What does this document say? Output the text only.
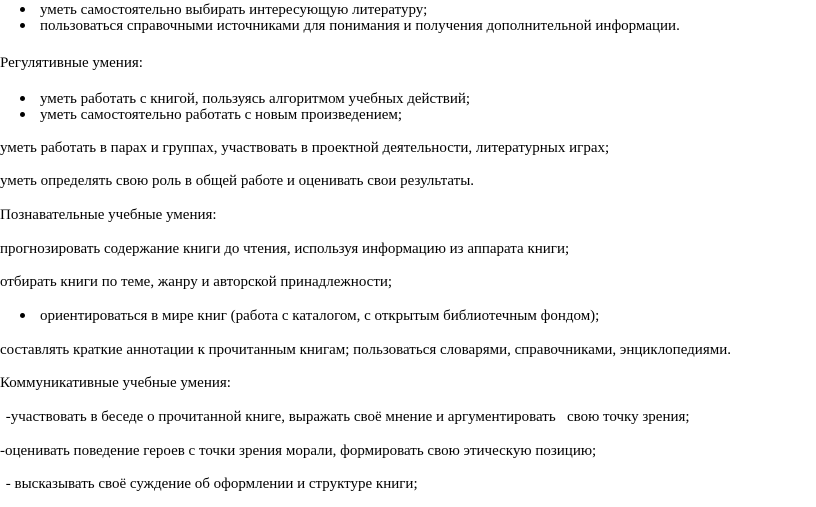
уметь самостоятельно выбирать интересующую литературу;
пользоваться справочными источниками для понимания и получения дополнительной информации.
Регулятивные умения:
уметь работать с книгой, пользуясь алгоритмом учебных действий;
уметь самостоятельно работать с новым произведением;
уметь работать в парах и группах, участвовать в проектной деятельности, литературных играх;
уметь определять свою роль в общей работе и оценивать свои результаты.
Познавательные учебные умения:
прогнозировать содержание книги до чтения, используя информацию из аппарата книги;
отбирать книги по теме, жанру и авторской принадлежности;
ориентироваться в мире книг (работа с каталогом, с открытым библиотечным фондом);
составлять краткие аннотации к прочитанным книгам; пользоваться словарями, справочниками, энциклопедиями.
Коммуникативные учебные умения:
-участвовать в беседе о прочитанной книге, выражать своё мнение и аргументировать   свою точку зрения;
-оценивать поведение героев с точки зрения морали, формировать свою этическую позицию;
- высказывать своё суждение об оформлении и структуре книги;
